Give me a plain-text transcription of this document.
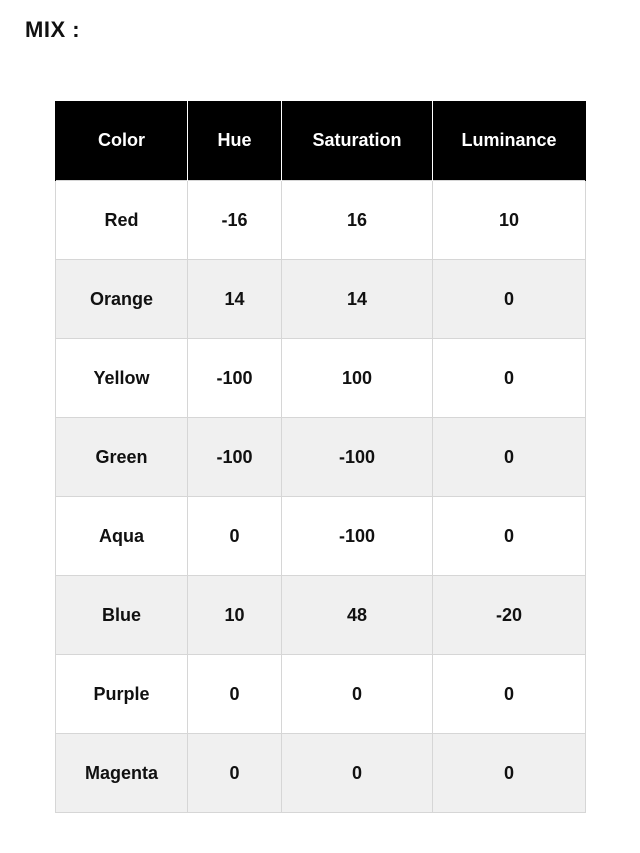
MIX :
Color	Hue	Saturation	Luminance
Red	-16	16	10
Orange	14	14	0
Yellow	-100	100	0
Green	-100	-100	0
Aqua	0	-100	0
Blue	10	48	-20
Purple	0	0	0
Magenta	0	0	0
